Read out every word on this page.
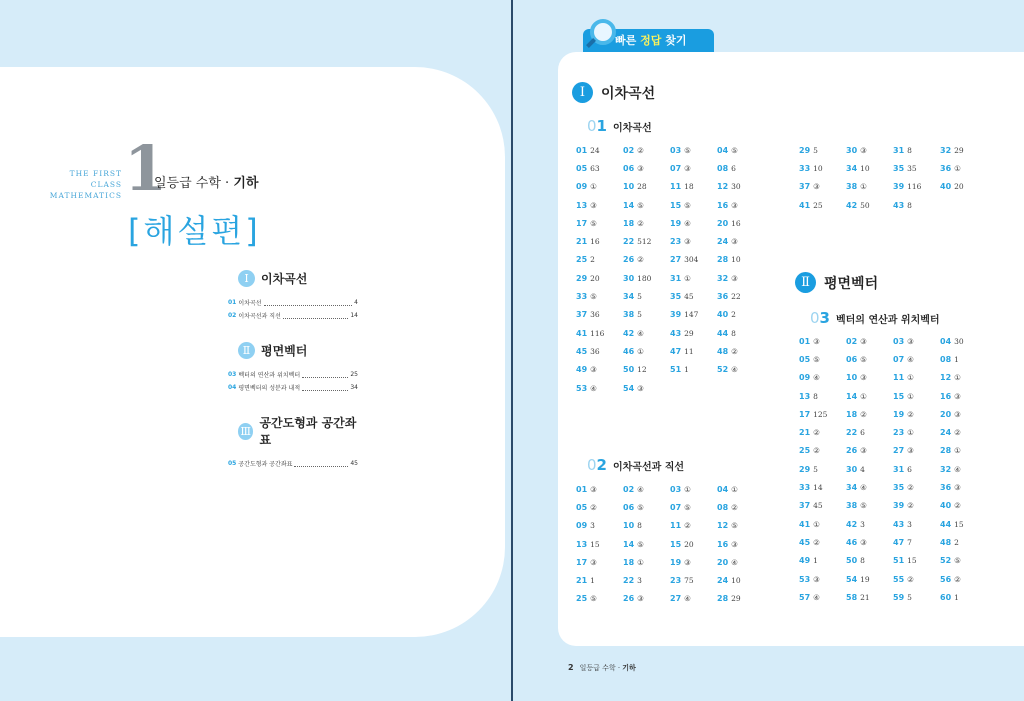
THE FIRST CLASS
MATHEMATICS 1
일등급 수학 · 기하
[해설편]
Ⅰ	이차곡선
01 이차곡선	4
02 이차곡선과 직선	14
Ⅱ 평면벡터
03 벡터의 연산과 위치벡터	25
04 평면벡터의 성분과 내적	34
Ⅲ
공간도형과 공간좌표
05 공간도형과 공간좌표	45
빠른 정답 찾기
Ⅰ	이차곡선
01 이차곡선
01 24	02 ②	03 ⑤	04 ⑤
05 63	06 ③	07 ③	08 6
09 ①	10 28	11 18	12 30
13 ③	14 ⑤	15 ⑤	16 ③
17 ⑤	18 ②	19 ④	20 16
21 16	22 512 23 ③	24 ③
25 2	26 ②	27 304 28 10
29 20	30 180 31 ①	32 ③
33 ⑤	34 5	35 45	36 22
37 36	38 5	39 147 40 2
41 116 42 ④	43 29	44 8
45 36	46 ①	47 11	48 ②
49 ③	50 12	51 1	52 ④
53 ④	54 ③
29 5	30 ③	31 8	32 29
33 10	34 10	35 35	36 ①
37 ③	38 ①	39 116 40 20
41 25	42 50	43 8
02 이차곡선과 직선
01 ③	02 ④	03 ①	04 ①
05 ②	06 ⑤	07 ⑤	08 ②
09 3	10 8	11 ②	12 ⑤
13 15	14 ⑤	15 20	16 ③
17 ③	18 ①	19 ③	20 ④
21 1	22 3	23 75	24 10
25 ⑤	26 ③	27 ④	28 29
Ⅱ	평면벡터
03 벡터의 연산과 위치벡터
01 ③	02 ③	03 ③	04 30
05 ⑤	06 ⑤	07 ④	08 1
09 ④	10 ③	11 ①	12 ①
13 8	14 ①	15 ①	16 ③
17 125 18 ②	19 ②	20 ③
21 ②	22 6	23 ①	24 ②
25 ②	26 ③	27 ③	28 ①
29 5	30 4	31 6	32 ④
33 14	34 ④	35 ②	36 ③
37 45	38 ⑤	39 ②	40 ②
41 ①	42 3	43 3	44 15
45 ②	46 ③	47 7	48 2
49 1	50 8	51 15	52 ⑤
53 ③	54 19	55 ②	56 ②
57 ④	58 21	59 5	60 1
2 일등급 수학 · 기하
